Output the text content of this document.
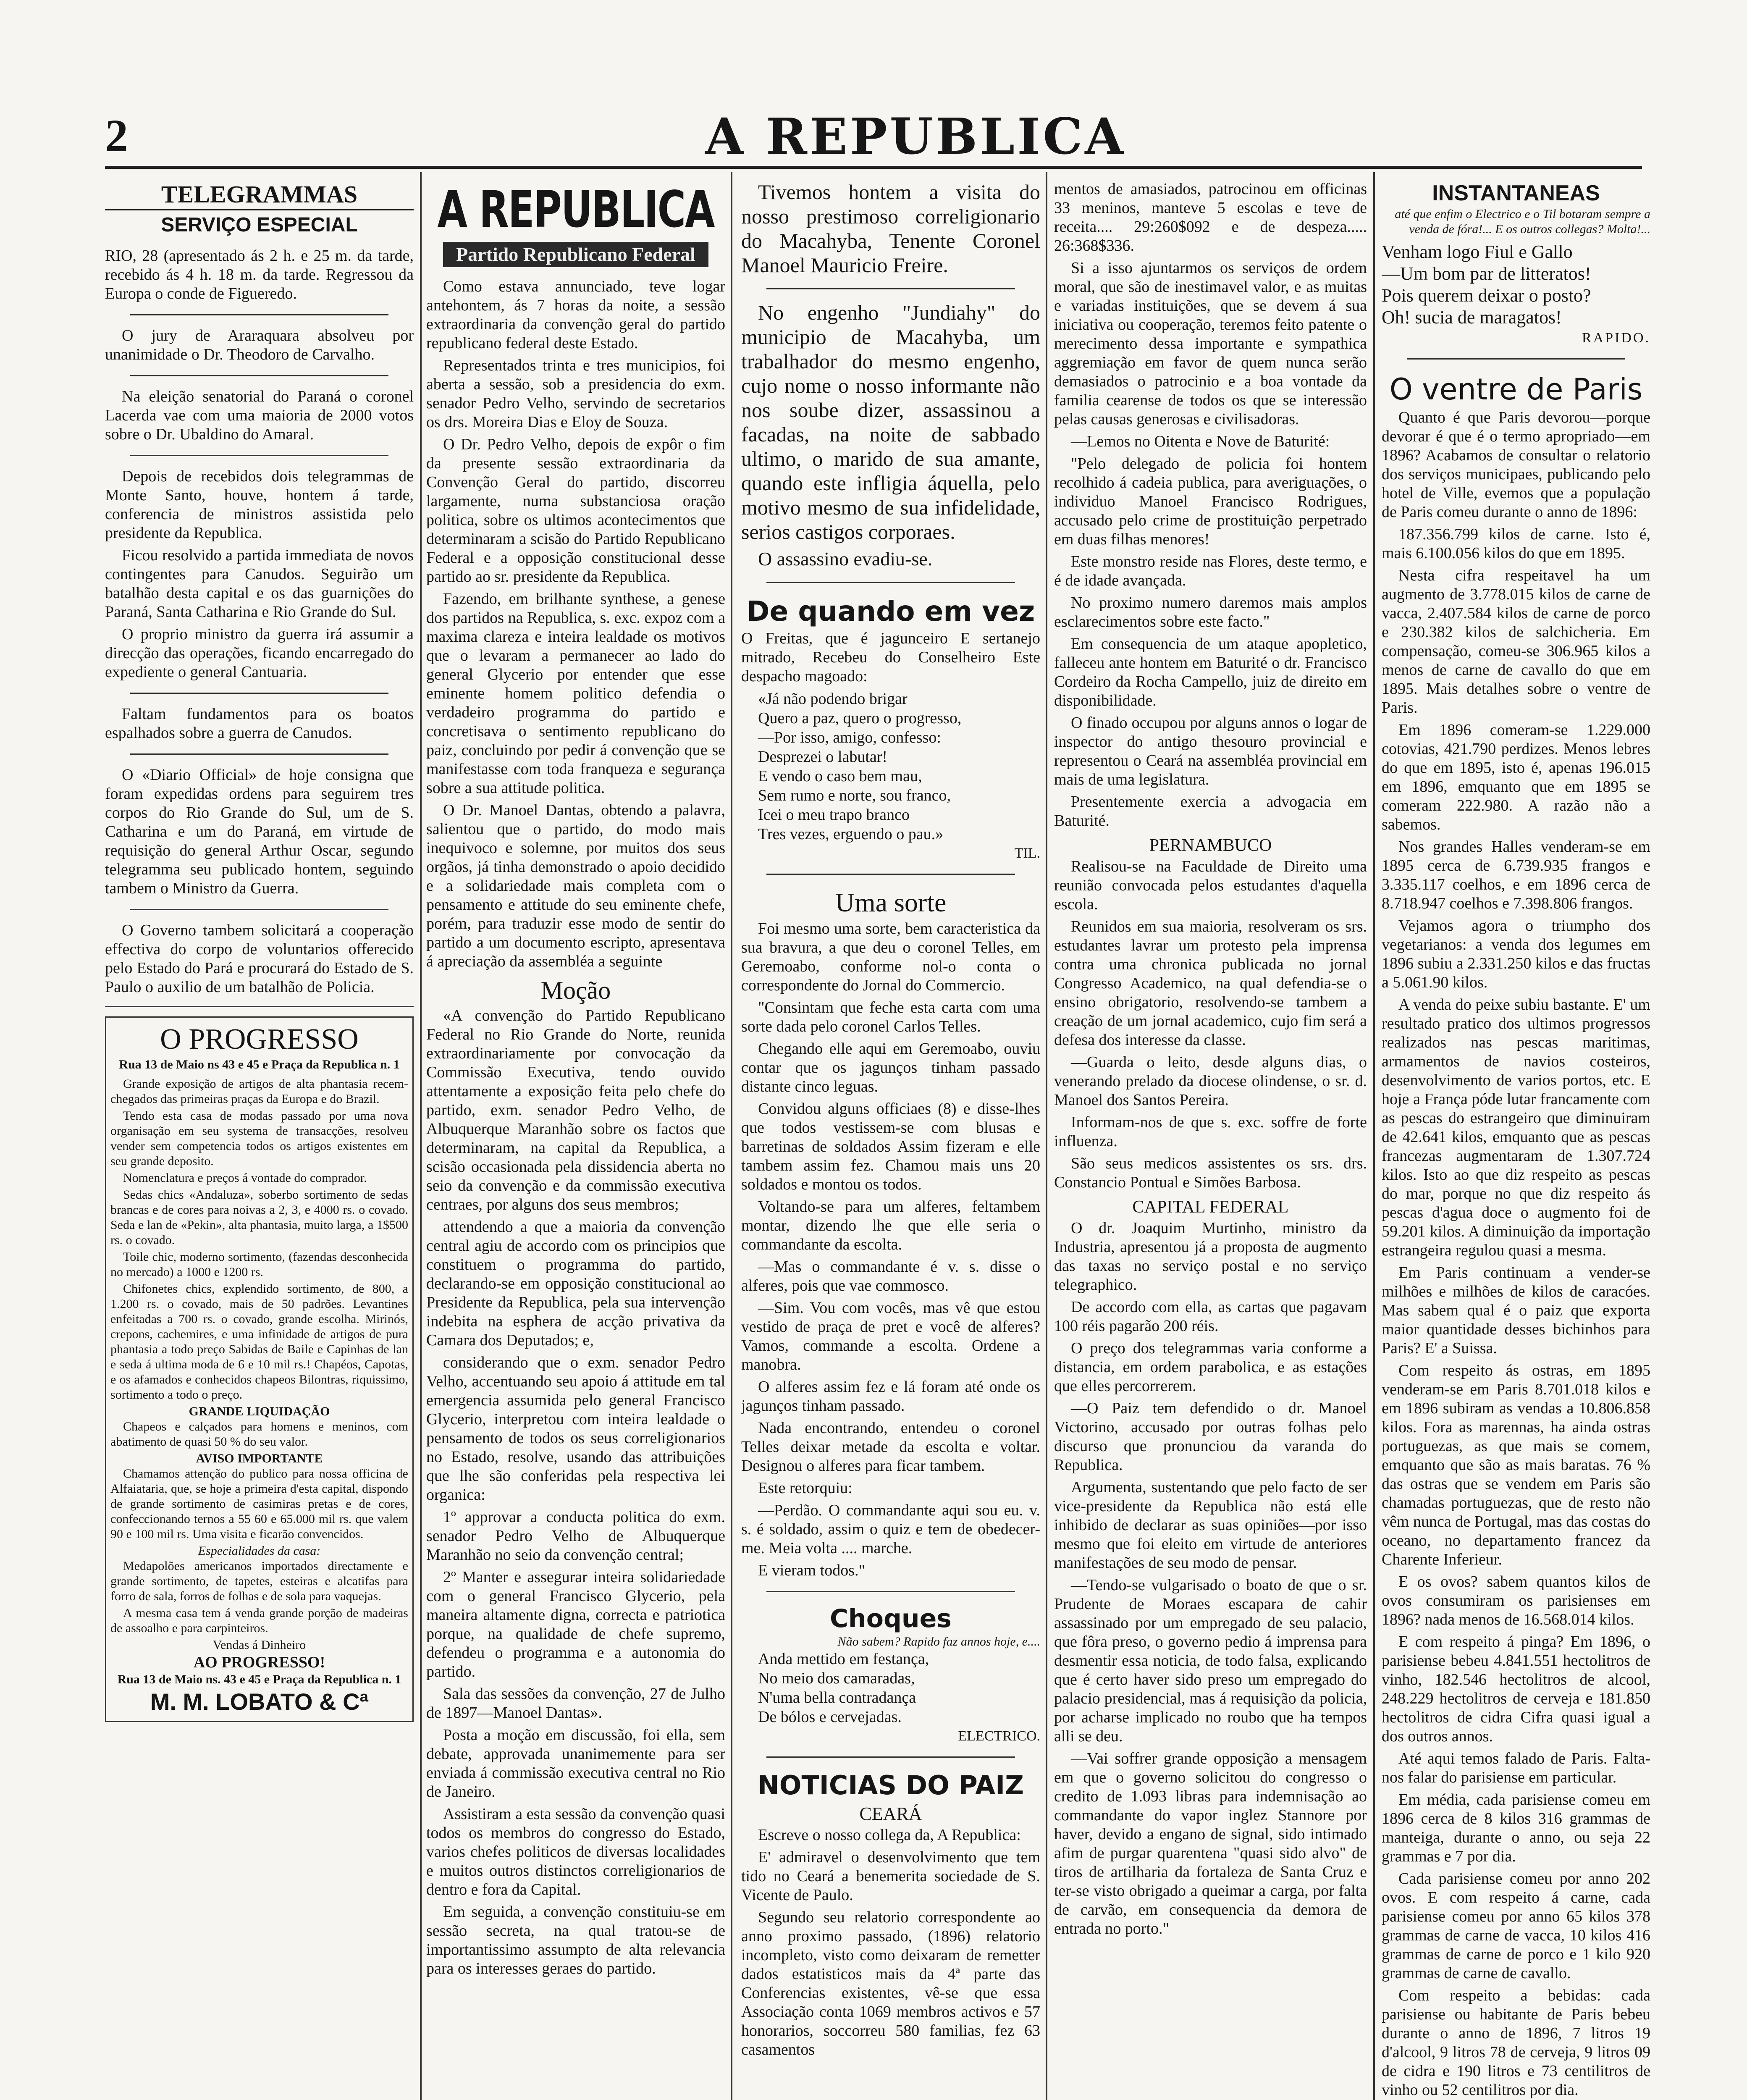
2	A REPUBLICA
TELEGRAMMAS
SERVIÇO ESPECIAL

RIO, 28 (apresentado ás 2 h. e 25 m. da tarde, recebido ás 4 h. 18 m. da tarde. Regressou da Europa o conde de Figueredo.

O jury de Araraquara absolveu por unanimidade o Dr. Theodoro de Carvalho.

Na eleição senatorial do Paraná o coronel Lacerda vae com uma maioria de 2000 votos sobre o Dr. Ubaldino do Amaral.

Depois de recebidos dois telegrammas de Monte Santo, houve, hontem á tarde, conferencia de ministros assistida pelo presidente da Republica.

Ficou resolvido a partida immediata de novos contingentes para Canudos. Seguirão um batalhão desta capital e os das guarnições do Paraná, Santa Catharina e Rio Grande do Sul.

O proprio ministro da guerra irá assumir a direcção das operações, ficando encarregado do expediente o general Cantuaria.

Faltam fundamentos para os boatos espalhados sobre a guerra de Canudos.

O «Diario Official» de hoje consigna que foram expedidas ordens para seguirem tres corpos do Rio Grande do Sul, um de S. Catharina e um do Paraná, em virtude de requisição do general Arthur Oscar, segundo telegramma seu publicado hontem, seguindo tambem o Ministro da Guerra.

O Governo tambem solicitará a cooperação effectiva do corpo de voluntarios offerecido pelo Estado do Pará e procurará do Estado de S. Paulo o auxilio de um batalhão de Policia.

O PROGRESSO
Rua 13 de Maio ns 43 e 45 e Praça da Republica n. 1

Grande exposição de artigos de alta phantasia recem-chegados das primeiras praças da Europa e do Brazil.

Tendo esta casa de modas passado por uma nova organisação em seu systema de transacções, resolveu vender sem competencia todos os artigos existentes em seu grande deposito.

Nomenclatura e preços á vontade do comprador.

Sedas chics «Andaluza», soberbo sortimento de sedas brancas e de cores para noivas a 2, 3, e 4000 rs. o covado. Seda e lan de «Pekin», alta phantasia, muito larga, a 1$500 rs. o covado.

Toile chic, moderno sortimento, (fazendas desconhecida no mercado) a 1000 e 1200 rs.

Chifonetes chics, explendido sortimento, de 800, a 1.200 rs. o covado, mais de 50 padrões. Levantines enfeitadas a 700 rs. o covado, grande escolha. Mirinós, crepons, cachemires, e uma infinidade de artigos de pura phantasia a todo preço Sabidas de Baile e Capinhas de lan e seda á ultima moda de 6 e 10 mil rs.! Chapéos, Capotas, e os afamados e conhecidos chapeos Bilontras, riquissimo, sortimento a todo o preço.

GRANDE LIQUIDAÇÃO

Chapeos e calçados para homens e meninos, com abatimento de quasi 50 % do seu valor.

AVISO IMPORTANTE

Chamamos attenção do publico para nossa officina de Alfaiataria, que, se hoje a primeira d'esta capital, dispondo de grande sortimento de casimiras pretas e de cores, confeccionando ternos a 55 60 e 65.000 mil rs. que valem 90 e 100 mil rs. Uma visita e ficarão convencidos.

Especialidades da casa:

Medapolões americanos importados directamente e grande sortimento, de tapetes, esteiras e alcatifas para forro de sala, forros de folhas e de sola para vaquejas.

A mesma casa tem á venda grande porção de madeiras de assoalho e para carpinteiros.

Vendas á Dinheiro
AO PROGRESSO!
Rua 13 de Maio ns. 43 e 45 e Praça da Republica n. 1
M. M. LOBATO & Cª
A REPUBLICA
Partido Republicano Federal

Como estava annunciado, teve logar antehontem, ás 7 horas da noite, a sessão extraordinaria da convenção geral do partido republicano federal deste Estado.

Representados trinta e tres municipios, foi aberta a sessão, sob a presidencia do exm. senador Pedro Velho, servindo de secretarios os drs. Moreira Dias e Eloy de Souza.

O Dr. Pedro Velho, depois de expôr o fim da presente sessão extraordinaria da Convenção Geral do partido, discorreu largamente, numa substanciosa oração politica, sobre os ultimos acontecimentos que determinaram a scisão do Partido Republicano Federal e a opposição constitucional desse partido ao sr. presidente da Republica.

Fazendo, em brilhante synthese, a genese dos partidos na Republica, s. exc. expoz com a maxima clareza e inteira lealdade os motivos que o levaram a permanecer ao lado do general Glycerio por entender que esse eminente homem politico defendia o verdadeiro programma do partido e concretisava o sentimento republicano do paiz, concluindo por pedir á convenção que se manifestasse com toda franqueza e segurança sobre a sua attitude politica.

O Dr. Manoel Dantas, obtendo a palavra, salientou que o partido, do modo mais inequivoco e solemne, por muitos dos seus orgãos, já tinha demonstrado o apoio decidido e a solidariedade mais completa com o pensamento e attitude do seu eminente chefe, porém, para traduzir esse modo de sentir do partido a um documento escripto, apresentava á apreciação da assembléa a seguinte

Moção

«A convenção do Partido Republicano Federal no Rio Grande do Norte, reunida extraordinariamente por convocação da Commissão Executiva, tendo ouvido attentamente a exposição feita pelo chefe do partido, exm. senador Pedro Velho, de Albuquerque Maranhão sobre os factos que determinaram, na capital da Republica, a scisão occasionada pela dissidencia aberta no seio da convenção e da commissão executiva centraes, por alguns dos seus membros;

attendendo a que a maioria da convenção central agiu de accordo com os principios que constituem o programma do partido, declarando-se em opposição constitucional ao Presidente da Republica, pela sua intervenção indebita na esphera de acção privativa da Camara dos Deputados; e,

considerando que o exm. senador Pedro Velho, accentuando seu apoio á attitude em tal emergencia assumida pelo general Francisco Glycerio, interpretou com inteira lealdade o pensamento de todos os seus correligionarios no Estado, resolve, usando das attribuições que lhe são conferidas pela respectiva lei organica:

1º approvar a conducta politica do exm. senador Pedro Velho de Albuquerque Maranhão no seio da convenção central;

2º Manter e assegurar inteira solidariedade com o general Francisco Glycerio, pela maneira altamente digna, correcta e patriotica porque, na qualidade de chefe supremo, defendeu o programma e a autonomia do partido.

Sala das sessões da convenção, 27 de Julho de 1897—Manoel Dantas».

Posta a moção em discussão, foi ella, sem debate, approvada unanimemente para ser enviada á commissão executiva central no Rio de Janeiro.

Assistiram a esta sessão da convenção quasi todos os membros do congresso do Estado, varios chefes politicos de diversas localidades e muitos outros distinctos correligionarios de dentro e fora da Capital.

Em seguida, a convenção constituiu-se em sessão secreta, na qual tratou-se de importantissimo assumpto de alta relevancia para os interesses geraes do partido.

Tivemos hontem a visita do nosso prestimoso correligionario do Macahyba, Tenente Coronel Manoel Mauricio Freire.

No engenho "Jundiahy" do municipio de Macahyba, um trabalhador do mesmo engenho, cujo nome o nosso informante não nos soube dizer, assassinou a facadas, na noite de sabbado ultimo, o marido de sua amante, quando este infligia áquella, pelo motivo mesmo de sua infidelidade, serios castigos corporaes.

O assassino evadiu-se.

De quando em vez

O Freitas, que é jagunceiro E sertanejo mitrado, Recebeu do Conselheiro Este despacho magoado:

«Já não podendo brigar
Quero a paz, quero o progresso,
—Por isso, amigo, confesso:
Desprezei o labutar!
E vendo o caso bem mau,
Sem rumo e norte, sou franco,
Icei o meu trapo branco
Tres vezes, erguendo o pau.»
TIL.
Uma sorte

Foi mesmo uma sorte, bem caracteristica da sua bravura, a que deu o coronel Telles, em Geremoabo, conforme nol-o conta o correspondente do Jornal do Commercio.

"Consintam que feche esta carta com uma sorte dada pelo coronel Carlos Telles.

Chegando elle aqui em Geremoabo, ouviu contar que os jagunços tinham passado distante cinco leguas.

Convidou alguns officiaes (8) e disse-lhes que todos vestissem-se com blusas e barretinas de soldados Assim fizeram e elle tambem assim fez. Chamou mais uns 20 soldados e montou os todos.

Voltando-se para um alferes, feltambem montar, dizendo lhe que elle seria o commandante da escolta.

—Mas o commandante é v. s. disse o alferes, pois que vae commosco.

—Sim. Vou com vocês, mas vê que estou vestido de praça de pret e você de alferes? Vamos, commande a escolta. Ordene a manobra.

O alferes assim fez e lá foram até onde os jagunços tinham passado.

Nada encontrando, entendeu o coronel Telles deixar metade da escolta e voltar. Designou o alferes para ficar tambem.

Este retorquiu:

—Perdão. O commandante aqui sou eu. v. s. é soldado, assim o quiz e tem de obedecer-me. Meia volta .... marche.

E vieram todos."

Choques
Não sabem? Rapido faz annos hoje, e....
Anda mettido em festança,
No meio dos camaradas,
N'uma bella contradança
De bólos e cervejadas.
ELECTRICO.
NOTICIAS DO PAIZ
CEARÁ

Escreve o nosso collega da, A Republica:

E' admiravel o desenvolvimento que tem tido no Ceará a benemerita sociedade de S. Vicente de Paulo.

Segundo seu relatorio correspondente ao anno proximo passado, (1896) relatorio incompleto, visto como deixaram de remetter dados estatisticos mais da 4ª parte das Conferencias existentes, vê-se que essa Associação conta 1069 membros activos e 57 honorarios, soccorreu 580 familias, fez 63 casamentos

mentos de amasiados, patrocinou em officinas 33 meninos, manteve 5 escolas e teve de receita.... 29:260$092 e de despeza..... 26:368$336.

Si a isso ajuntarmos os serviços de ordem moral, que são de inestimavel valor, e as muitas e variadas instituições, que se devem á sua iniciativa ou cooperação, teremos feito patente o merecimento dessa importante e sympathica aggremiação em favor de quem nunca serão demasiados o patrocinio e a boa vontade da familia cearense de todos os que se interessão pelas causas generosas e civilisadoras.

—Lemos no Oitenta e Nove de Baturité:

"Pelo delegado de policia foi hontem recolhido á cadeia publica, para averiguações, o individuo Manoel Francisco Rodrigues, accusado pelo crime de prostituição perpetrado em duas filhas menores!

Este monstro reside nas Flores, deste termo, e é de idade avançada.

No proximo numero daremos mais amplos esclarecimentos sobre este facto."

Em consequencia de um ataque apopletico, falleceu ante hontem em Baturité o dr. Francisco Cordeiro da Rocha Campello, juiz de direito em disponibilidade.

O finado occupou por alguns annos o logar de inspector do antigo thesouro provincial e representou o Ceará na assembléa provincial em mais de uma legislatura.

Presentemente exercia a advogacia em Baturité.

PERNAMBUCO

Realisou-se na Faculdade de Direito uma reunião convocada pelos estudantes d'aquella escola.

Reunidos em sua maioria, resolveram os srs. estudantes lavrar um protesto pela imprensa contra uma chronica publicada no jornal Congresso Academico, na qual defendia-se o ensino obrigatorio, resolvendo-se tambem a creação de um jornal academico, cujo fim será a defesa dos interesse da classe.

—Guarda o leito, desde alguns dias, o venerando prelado da diocese olindense, o sr. d. Manoel dos Santos Pereira.

Informam-nos de que s. exc. soffre de forte influenza.

São seus medicos assistentes os srs. drs. Constancio Pontual e Simões Barbosa.

CAPITAL FEDERAL

O dr. Joaquim Murtinho, ministro da Industria, apresentou já a proposta de augmento das taxas no serviço postal e no serviço telegraphico.

De accordo com ella, as cartas que pagavam 100 réis pagarão 200 réis.

O preço dos telegrammas varia conforme a distancia, em ordem parabolica, e as estações que elles percorrerem.

—O Paiz tem defendido o dr. Manoel Victorino, accusado por outras folhas pelo discurso que pronunciou da varanda do Republica.

Argumenta, sustentando que pelo facto de ser vice-presidente da Republica não está elle inhibido de declarar as suas opiniões—por isso mesmo que foi eleito em virtude de anteriores manifestações de seu modo de pensar.

—Tendo-se vulgarisado o boato de que o sr. Prudente de Moraes escapara de cahir assassinado por um empregado de seu palacio, que fôra preso, o governo pedio á imprensa para desmentir essa noticia, de todo falsa, explicando que é certo haver sido preso um empregado do palacio presidencial, mas á requisição da policia, por acharse implicado no roubo que ha tempos alli se deu.

—Vai soffrer grande opposição a mensagem em que o governo solicitou do congresso o credito de 1.093 libras para indemnisação ao commandante do vapor inglez Stannore por haver, devido a engano de signal, sido intimado afim de purgar quarentena "quasi sido alvo" de tiros de artilharia da fortaleza de Santa Cruz e ter-se visto obrigado a queimar a carga, por falta de carvão, em consequencia da demora de entrada no porto."

INSTANTANEAS
até que enfim o Electrico e o Til botaram sempre a venda de fóra!... E os outros collegas? Molta!...
Venham logo Fiul e Gallo
—Um bom par de litteratos!
Pois querem deixar o posto?
Oh! sucia de maragatos!
RAPIDO.
O ventre de Paris

Quanto é que Paris devorou—porque devorar é que é o termo apropriado—em 1896? Acabamos de consultar o relatorio dos serviços municipaes, publicando pelo hotel de Ville, evemos que a população de Paris comeu durante o anno de 1896:

187.356.799 kilos de carne. Isto é, mais 6.100.056 kilos do que em 1895.

Nesta cifra respeitavel ha um augmento de 3.778.015 kilos de carne de vacca, 2.407.584 kilos de carne de porco e 230.382 kilos de salchicheria. Em compensação, comeu-se 306.965 kilos a menos de carne de cavallo do que em 1895. Mais detalhes sobre o ventre de Paris.

Em 1896 comeram-se 1.229.000 cotovias, 421.790 perdizes. Menos lebres do que em 1895, isto é, apenas 196.015 em 1896, emquanto que em 1895 se comeram 222.980. A razão não a sabemos.

Nos grandes Halles venderam-se em 1895 cerca de 6.739.935 frangos e 3.335.117 coelhos, e em 1896 cerca de 8.718.947 coelhos e 7.398.806 frangos.

Vejamos agora o triumpho dos vegetarianos: a venda dos legumes em 1896 subiu a 2.331.250 kilos e das fructas a 5.061.90 kilos.

A venda do peixe subiu bastante. E' um resultado pratico dos ultimos progressos realizados nas pescas maritimas, armamentos de navios costeiros, desenvolvimento de varios portos, etc. E hoje a França póde lutar francamente com as pescas do estrangeiro que diminuiram de 42.641 kilos, emquanto que as pescas francezas augmentaram de 1.307.724 kilos. Isto ao que diz respeito as pescas do mar, porque no que diz respeito ás pescas d'agua doce o augmento foi de 59.201 kilos. A diminuição da importação estrangeira regulou quasi a mesma.

Em Paris continuam a vender-se milhões e milhões de kilos de caracóes. Mas sabem qual é o paiz que exporta maior quantidade desses bichinhos para Paris? E' a Suissa.

Com respeito ás ostras, em 1895 venderam-se em Paris 8.701.018 kilos e em 1896 subiram as vendas a 10.806.858 kilos. Fora as marennas, ha ainda ostras portuguezas, as que mais se comem, emquanto que são as mais baratas. 76 % das ostras que se vendem em Paris são chamadas portuguezas, que de resto não vêm nunca de Portugal, mas das costas do oceano, no departamento francez da Charente Inferieur.

E os ovos? sabem quantos kilos de ovos consumiram os parisienses em 1896? nada menos de 16.568.014 kilos.

E com respeito á pinga? Em 1896, o parisiense bebeu 4.841.551 hectolitros de vinho, 182.546 hectolitros de alcool, 248.229 hectolitros de cerveja e 181.850 hectolitros de cidra Cifra quasi igual a dos outros annos.

Até aqui temos falado de Paris. Falta-nos falar do parisiense em particular.

Em média, cada parisiense comeu em 1896 cerca de 8 kilos 316 grammas de manteiga, durante o anno, ou seja 22 grammas e 7 por dia.

Cada parisiense comeu por anno 202 ovos. E com respeito á carne, cada parisiense comeu por anno 65 kilos 378 grammas de carne de vacca, 10 kilos 416 grammas de carne de porco e 1 kilo 920 grammas de carne de cavallo.

Com respeito a bebidas: cada parisiense ou habitante de Paris bebeu durante o anno de 1896, 7 litros 19 d'alcool, 9 litros 78 de cerveja, 9 litros 09 de cidra e 190 litros e 73 centilitros de vinho ou 52 centilitros por dia.
